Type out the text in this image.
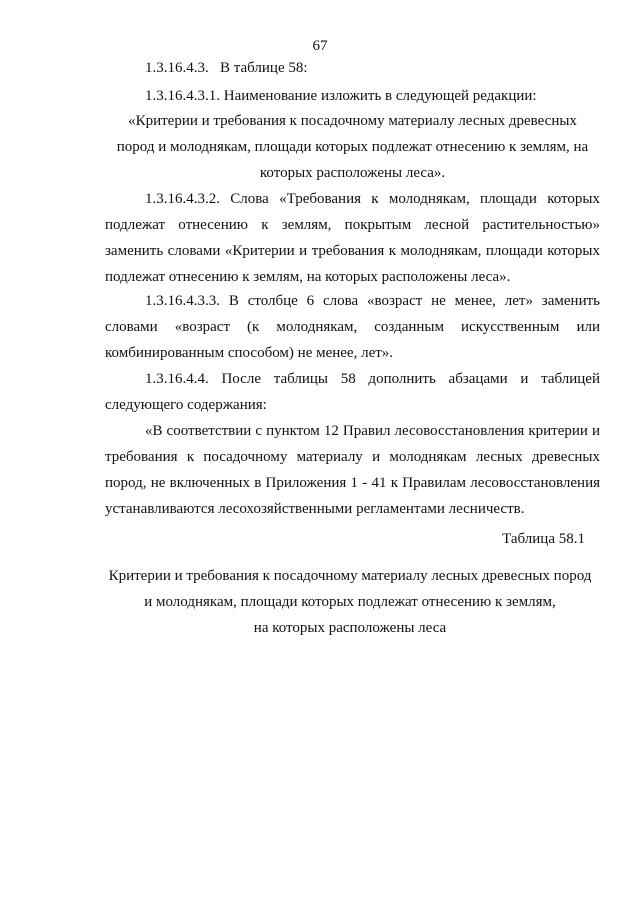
67
1.3.16.4.3.   В таблице 58:
1.3.16.4.3.1. Наименование изложить в следующей редакции:
«Критерии и требования к посадочному материалу лесных древесных
пород и молоднякам, площади которых подлежат отнесению к землям, на
которых расположены леса».
1.3.16.4.3.2. Слова «Требования к молоднякам, площади которых
подлежат отнесению к землям, покрытым лесной растительностью»
заменить словами «Критерии и требования к молоднякам, площади которых
подлежат отнесению к землям, на которых расположены леса».
1.3.16.4.3.3. В столбце 6 слова «возраст не менее, лет» заменить
словами «возраст (к молоднякам, созданным искусственным или
комбинированным способом) не менее, лет».
1.3.16.4.4. После таблицы 58 дополнить абзацами и таблицей
следующего содержания:
«В соответствии с пунктом 12 Правил лесовосстановления критерии и
требования к посадочному материалу и молоднякам лесных древесных
пород, не включенных в Приложения 1 - 41 к Правилам лесовосстановления
устанавливаются лесохозяйственными регламентами лесничеств.
Таблица 58.1
Критерии и требования к посадочному материалу лесных древесных пород
и молоднякам, площади которых подлежат отнесению к землям,
на которых расположены леса
